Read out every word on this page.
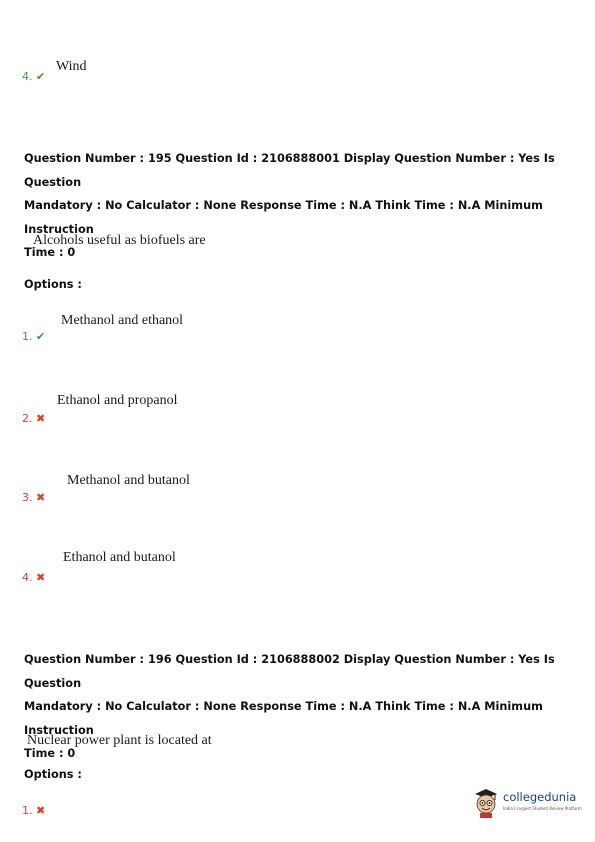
4. ✔
Wind
Question Number : 195 Question Id : 2106888001 Display Question Number : Yes Is Question
Mandatory : No Calculator : None Response Time : N.A Think Time : N.A Minimum Instruction
Time : 0
Alcohols useful as biofuels are
Options :
1. ✔
Methanol and ethanol
2. ✖
Ethanol and propanol
3. ✖
Methanol and butanol
4. ✖
Ethanol and butanol
Question Number : 196 Question Id : 2106888002 Display Question Number : Yes Is Question
Mandatory : No Calculator : None Response Time : N.A Think Time : N.A Minimum Instruction
Time : 0
Nuclear power plant is located at
Options :
1. ✖
collegedunia
India's largest Student Review Platform
